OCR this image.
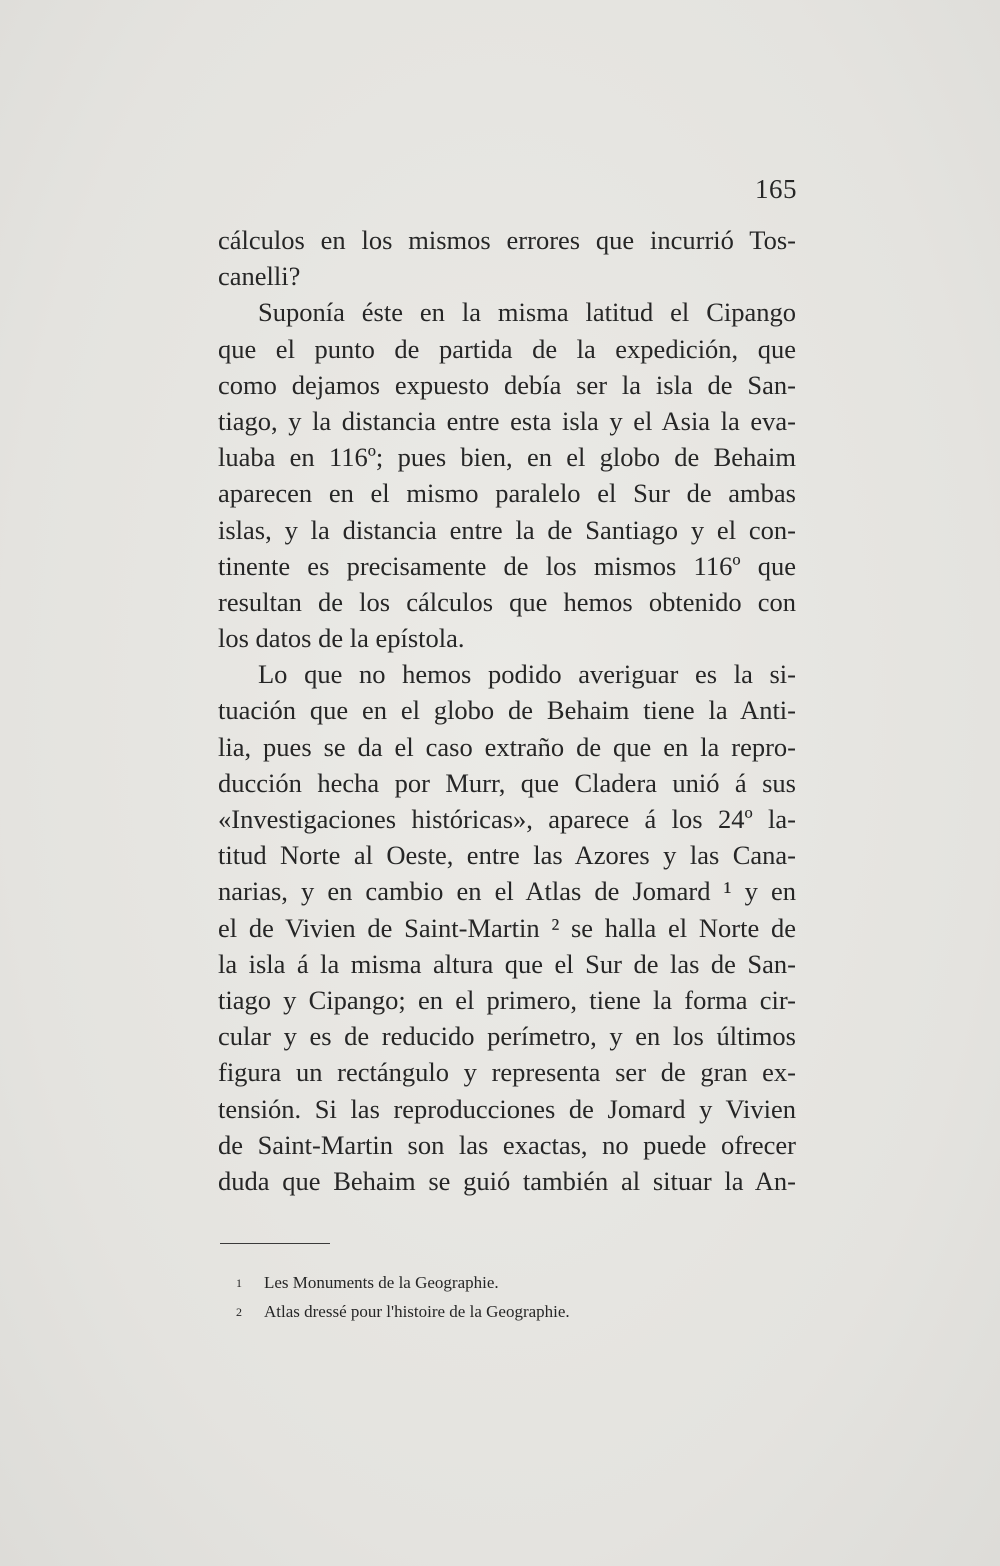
165
cálculos en los mismos errores que incurrió Tos-
canelli?
Suponía éste en la misma latitud el Cipango
que el punto de partida de la expedición, que
como dejamos expuesto debía ser la isla de San-
tiago, y la distancia entre esta isla y el Asia la eva-
luaba en 116º; pues bien, en el globo de Behaim
aparecen en el mismo paralelo el Sur de ambas
islas, y la distancia entre la de Santiago y el con-
tinente es precisamente de los mismos 116º que
resultan de los cálculos que hemos obtenido con
los datos de la epístola.
Lo que no hemos podido averiguar es la si-
tuación que en el globo de Behaim tiene la Anti-
lia, pues se da el caso extraño de que en la repro-
ducción hecha por Murr, que Cladera unió á sus
«Investigaciones históricas», aparece á los 24º la-
titud Norte al Oeste, entre las Azores y las Cana-
narias, y en cambio en el Atlas de Jomard ¹ y en
el de Vivien de Saint-Martin ² se halla el Norte de
la isla á la misma altura que el Sur de las de San-
tiago y Cipango; en el primero, tiene la forma cir-
cular y es de reducido perímetro, y en los últimos
figura un rectángulo y representa ser de gran ex-
tensión. Si las reproducciones de Jomard y Vivien
de Saint-Martin son las exactas, no puede ofrecer
duda que Behaim se guió también al situar la An-
1 Les Monuments de la Geographie.
2 Atlas dressé pour l'histoire de la Geographie.
